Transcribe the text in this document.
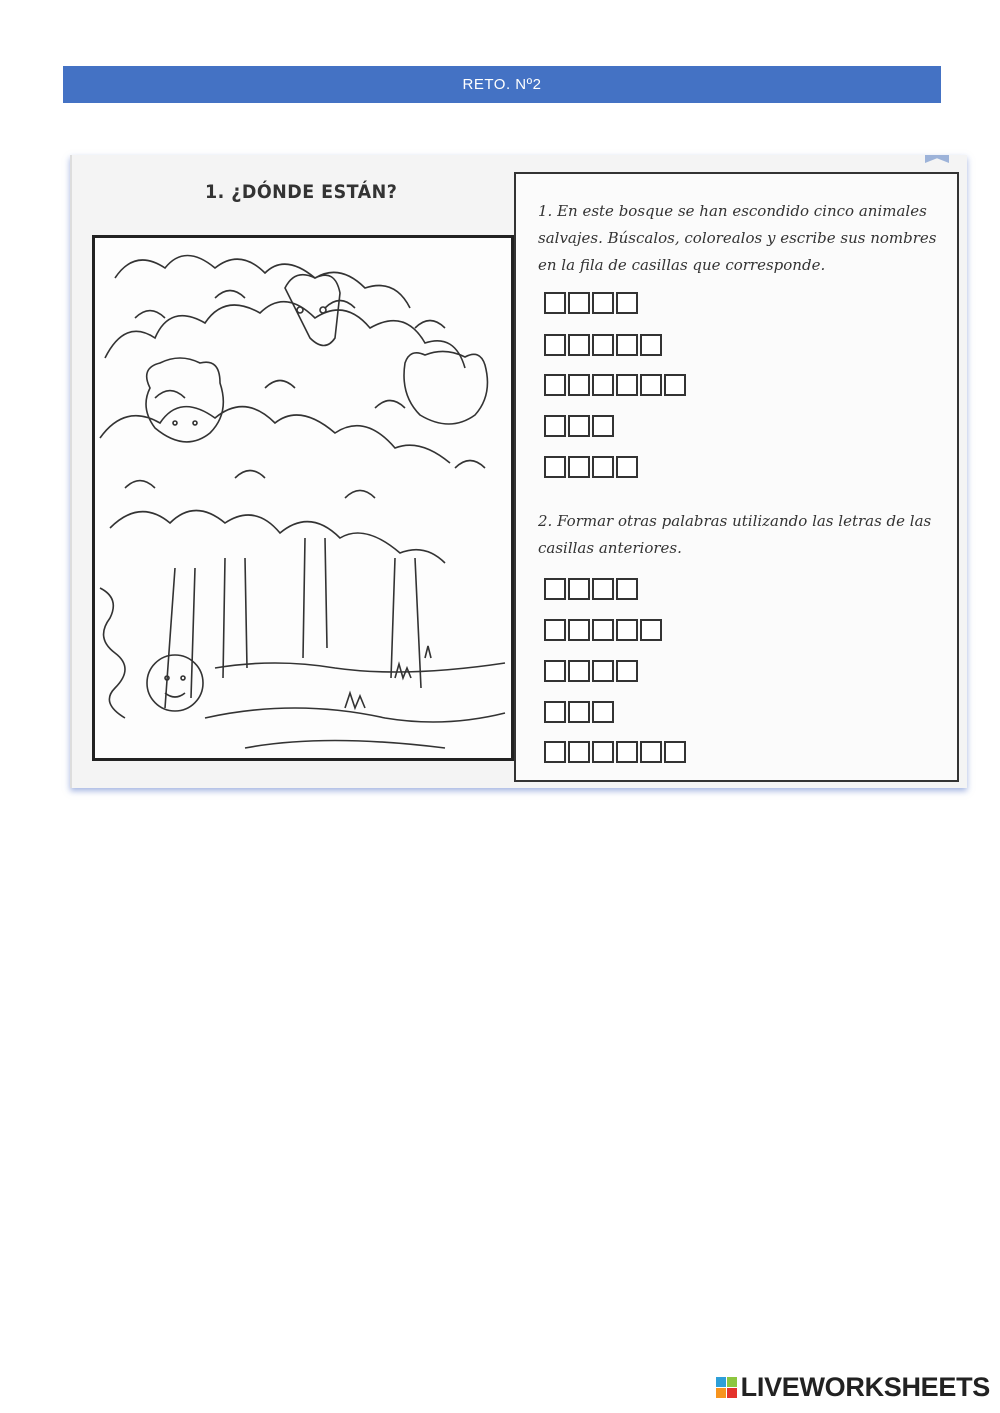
RETO. Nº2
1. ¿DÓNDE ESTÁN?

1. En este bosque se han escondido cinco animales salvajes. Búscalos, colorealos y escribe sus nombres en la fila de casillas que corresponde.

2. Formar otras palabras utilizando las letras de las casillas anteriores.

LIVEWORKSHEETS
